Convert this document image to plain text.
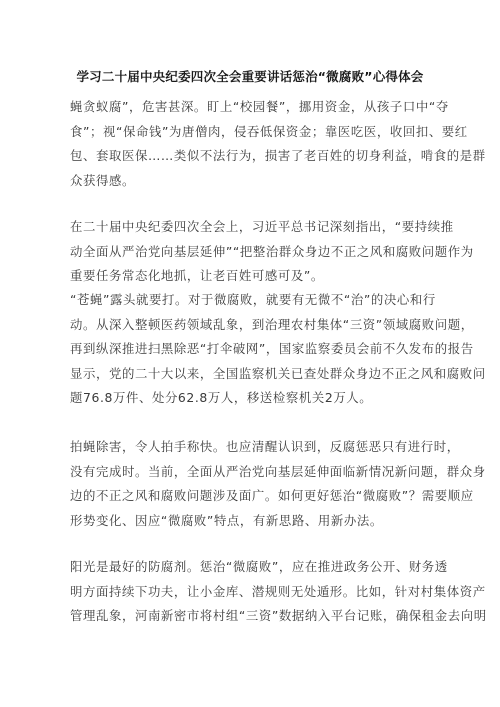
学习二十届中央纪委四次全会重要讲话惩治“微腐败”心得体会
蝇贪蚁腐”，危害甚深。盯上“校园餐”，挪用资金，从孩子口中“夺
食”；视“保命钱”为唐僧肉，侵吞低保资金；靠医吃医，收回扣、要红
包、套取医保……类似不法行为，损害了老百姓的切身利益，啃食的是群
众获得感。
在二十届中央纪委四次全会上，习近平总书记深刻指出，“要持续推
动全面从严治党向基层延伸”“把整治群众身边不正之风和腐败问题作为
重要任务常态化地抓，让老百姓可感可及”。
“苍蝇”露头就要打。对于微腐败，就要有无微不“治”的决心和行
动。从深入整顿医药领域乱象，到治理农村集体“三资”领域腐败问题，
再到纵深推进扫黑除恶“打伞破网”，国家监察委员会前不久发布的报告
显示，党的二十大以来，全国监察机关已查处群众身边不正之风和腐败问
题76.8万件、处分62.8万人，移送检察机关2万人。
拍蝇除害，令人拍手称快。也应清醒认识到，反腐惩恶只有进行时，
没有完成时。当前，全面从严治党向基层延伸面临新情况新问题，群众身
边的不正之风和腐败问题涉及面广。如何更好惩治“微腐败”？需要顺应
形势变化、因应“微腐败”特点，有新思路、用新办法。
阳光是最好的防腐剂。惩治“微腐败”，应在推进政务公开、财务透
明方面持续下功夫，让小金库、潜规则无处遁形。比如，针对村集体资产
管理乱象，河南新密市将村组“三资”数据纳入平台记账，确保租金去向明
